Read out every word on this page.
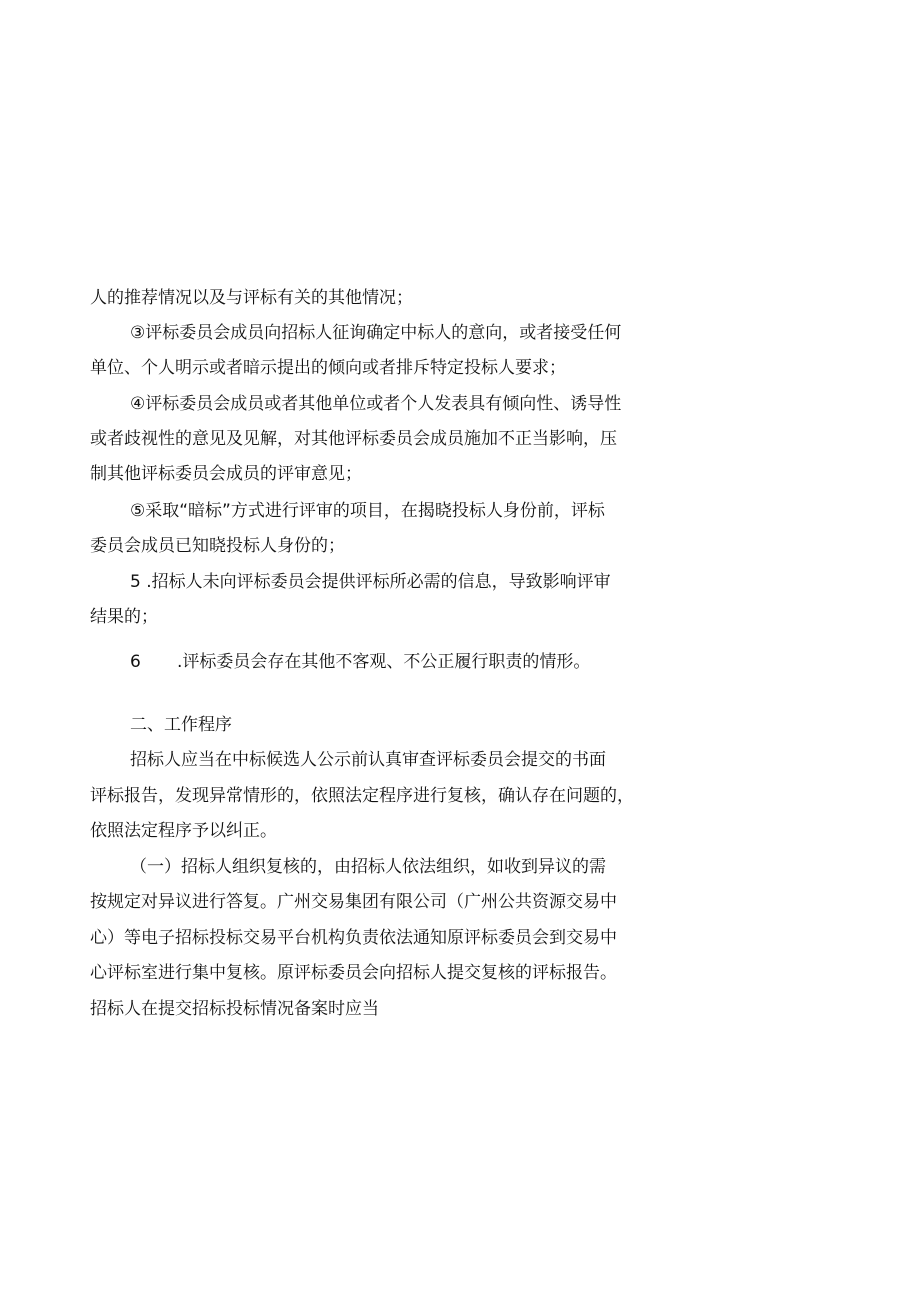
人的推荐情况以及与评标有关的其他情况；
③评标委员会成员向招标人征询确定中标人的意向，或者接受任何
单位、个人明示或者暗示提出的倾向或者排斥特定投标人要求；
④评标委员会成员或者其他单位或者个人发表具有倾向性、诱导性
或者歧视性的意见及见解，对其他评标委员会成员施加不正当影响，压
制其他评标委员会成员的评审意见；
⑤采取“暗标”方式进行评审的项目，在揭晓投标人身份前，评标
委员会成员已知晓投标人身份的；
5 .招标人未向评标委员会提供评标所必需的信息，导致影响评审
结果的；
6 .评标委员会存在其他不客观、不公正履行职责的情形。
二、工作程序
招标人应当在中标候选人公示前认真审查评标委员会提交的书面
评标报告，发现异常情形的，依照法定程序进行复核，确认存在问题的，
依照法定程序予以纠正。
（一）招标人组织复核的，由招标人依法组织，如收到异议的需
按规定对异议进行答复。广州交易集团有限公司（广州公共资源交易中
心）等电子招标投标交易平台机构负责依法通知原评标委员会到交易中
心评标室进行集中复核。原评标委员会向招标人提交复核的评标报告。
招标人在提交招标投标情况备案时应当
